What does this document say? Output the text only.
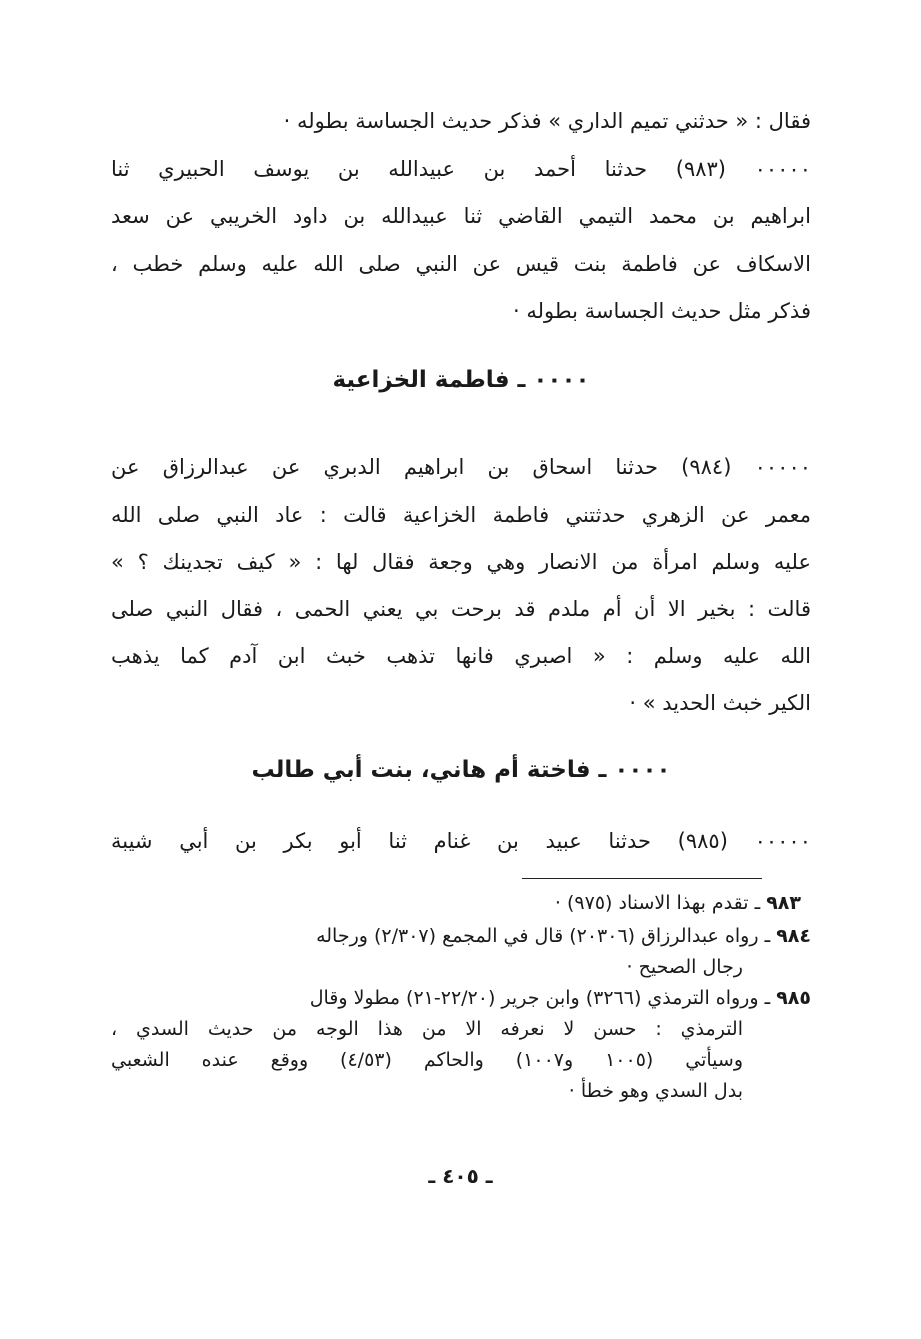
فقال : « حدثني تميم الداري » فذكر حديث الجساسة بطوله ·
٠٠٠٠٠ (٩٨٣) حدثنا أحمد بن عبيدالله بن يوسف الحبيري ثنا
ابراهيم بن محمد التيمي القاضي ثنا عبيدالله بن داود الخريبي عن سعد
الاسكاف عن فاطمة بنت قيس عن النبي صلى الله عليه وسلم خطب ،
فذكر مثل حديث الجساسة بطوله ·
٠٠٠٠ ـ فاطمة الخزاعية
٠٠٠٠٠ (٩٨٤) حدثنا اسحاق بن ابراهيم الدبري عن عبدالرزاق عن
معمر عن الزهري حدثتني فاطمة الخزاعية قالت : عاد النبي صلى الله
عليه وسلم امرأة من الانصار وهي وجعة فقال لها : « كيف تجدينك ؟ »
قالت : بخير الا أن أم ملدم قد برحت بي يعني الحمى ، فقال النبي صلى
الله عليه وسلم : « اصبري فانها تذهب خبث ابن آدم كما يذهب
الكير خبث الحديد » ·
٠٠٠٠ ـ فاختة أم هاني، بنت أبي طالب
٠٠٠٠٠ (٩٨٥) حدثنا عبيد بن غنام ثنا أبو بكر بن أبي شيبة
٩٨٣ ـ تقدم بهذا الاسناد (٩٧٥) ·
٩٨٤ ـ رواه عبدالرزاق (٢٠٣٠٦) قال في المجمع (٢/٣٠٧) ورجاله
رجال الصحيح ·
٩٨٥ ـ ورواه الترمذي (٣٢٦٦) وابن جرير (٢٢/٢٠-٢١) مطولا وقال
الترمذي : حسن لا نعرفه الا من هذا الوجه من حديث السدي ،
وسيأتي (١٠٠٥ و١٠٠٧) والحاكم (٤/٥٣) ووقع عنده الشعبي
بدل السدي وهو خطأ ·
ـ ٤٠٥ ـ
